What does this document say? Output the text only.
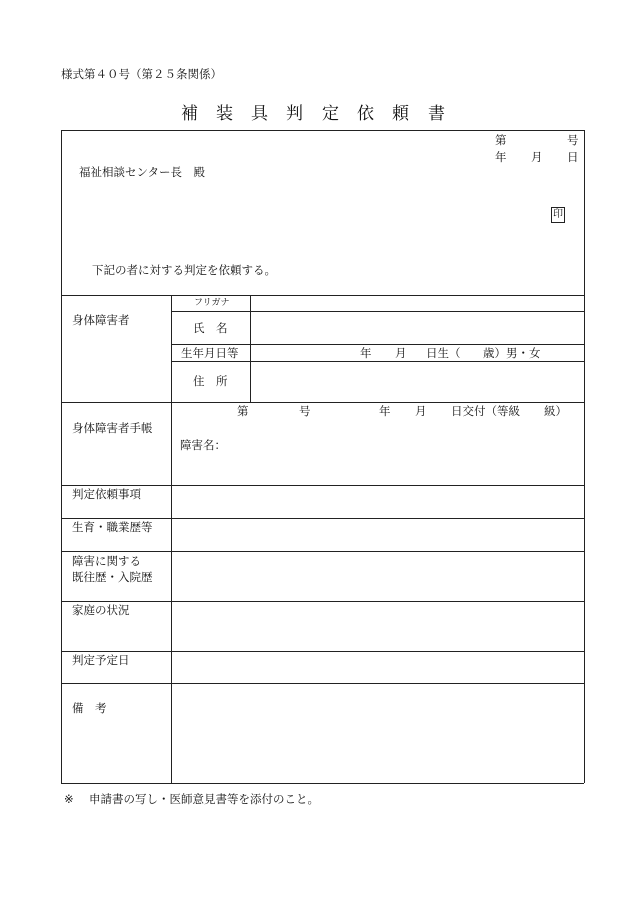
様式第４０号（第２５条関係）
補 装 具 判 定 依 頼 書
第	号
年 月 日
福祉相談センター長　殿
印
下記の者に対する判定を依頼する。
身体障害者
フリガナ
氏　名
生年月日等	年 月 日生（ 歳）男・女
住　所
身体障害者手帳
第	号	年 月 日交付（等級 級）
障害名：
判定依頼事項
生育・職業歴等
障害に関する
既往歴・入院歴
家庭の状況
判定予定日
備　考
※ 申請書の写し・医師意見書等を添付のこと。
